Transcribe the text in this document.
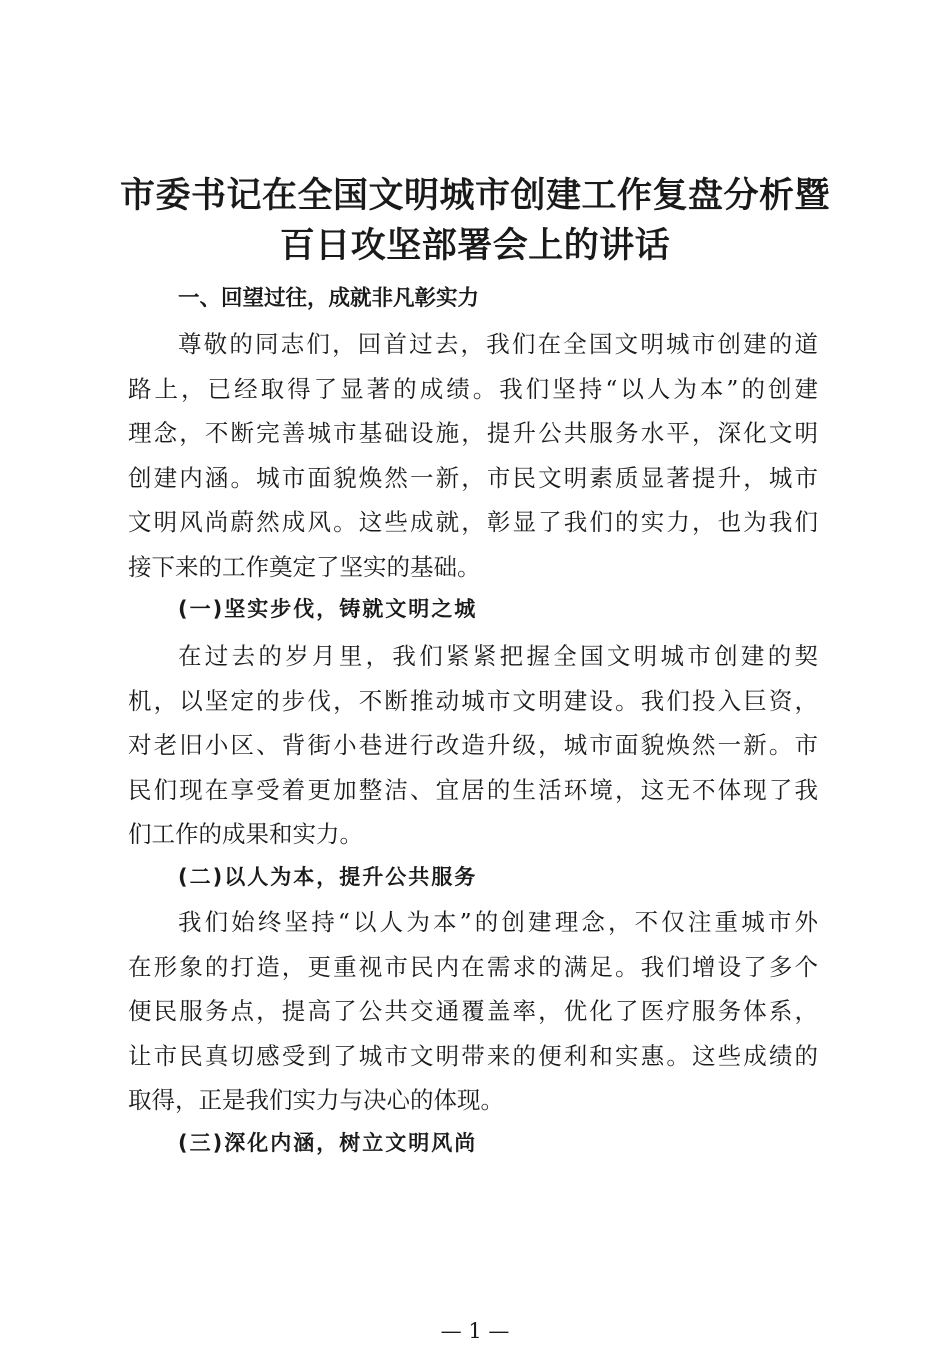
市委书记在全国文明城市创建工作复盘分析暨
百日攻坚部署会上的讲话
一、回望过往，成就非凡彰实力

尊敬的同志们，回首过去，我们在全国文明城市创建的道
路上，已经取得了显著的成绩。我们坚持“以人为本”的创建
理念，不断完善城市基础设施，提升公共服务水平，深化文明
创建内涵。城市面貌焕然一新，市民文明素质显著提升，城市
文明风尚蔚然成风。这些成就，彰显了我们的实力，也为我们
接下来的工作奠定了坚实的基础。

(一)坚实步伐，铸就文明之城

在过去的岁月里，我们紧紧把握全国文明城市创建的契
机，以坚定的步伐，不断推动城市文明建设。我们投入巨资，
对老旧小区、背街小巷进行改造升级，城市面貌焕然一新。市
民们现在享受着更加整洁、宜居的生活环境，这无不体现了我
们工作的成果和实力。

(二)以人为本，提升公共服务

我们始终坚持“以人为本”的创建理念，不仅注重城市外
在形象的打造，更重视市民内在需求的满足。我们增设了多个
便民服务点，提高了公共交通覆盖率，优化了医疗服务体系，
让市民真切感受到了城市文明带来的便利和实惠。这些成绩的
取得，正是我们实力与决心的体现。

(三)深化内涵，树立文明风尚
— 1 —
